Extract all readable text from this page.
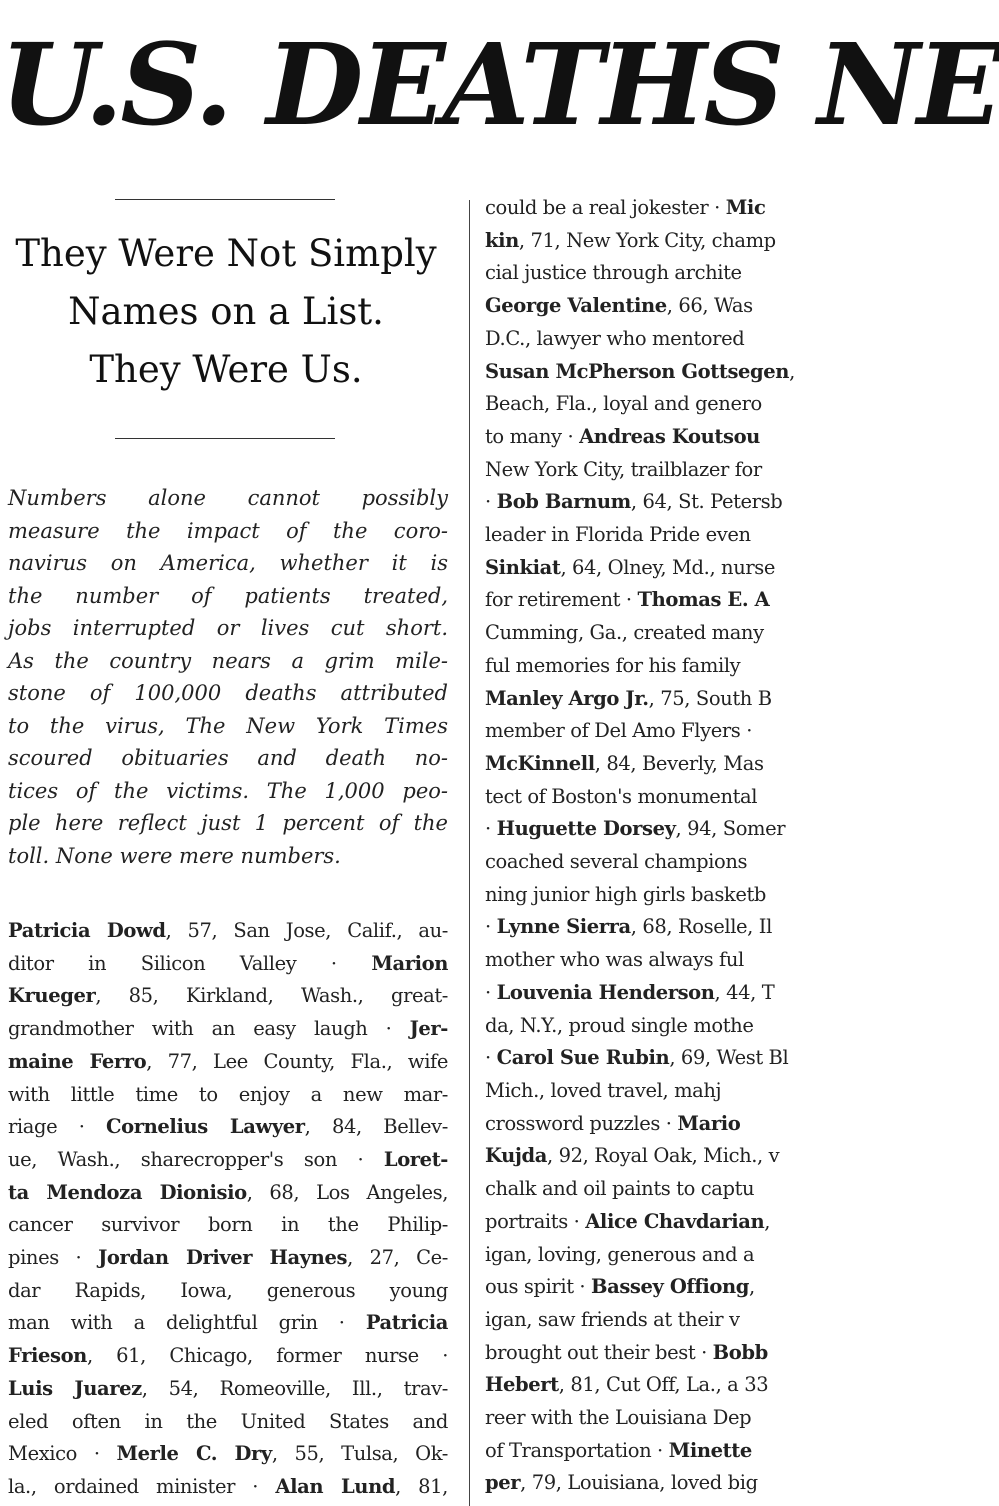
U.S. DEATHS NE
They Were Not Simply
Names on a List.
They Were Us.
Numbers alone cannot possibly
measure the impact of the coro-
navirus on America, whether it is
the number of patients treated,
jobs interrupted or lives cut short.
As the country nears a grim mile-
stone of 100,000 deaths attributed
to the virus, The New York Times
scoured obituaries and death no-
tices of the victims. The 1,000 peo-
ple here reflect just 1 percent of the
toll. None were mere numbers.
Patricia Dowd, 57, San Jose, Calif., au-
ditor in Silicon Valley · Marion
Krueger, 85, Kirkland, Wash., great-
grandmother with an easy laugh · Jer-
maine Ferro, 77, Lee County, Fla., wife
with little time to enjoy a new mar-
riage · Cornelius Lawyer, 84, Bellev-
ue, Wash., sharecropper's son · Loret-
ta Mendoza Dionisio, 68, Los Angeles,
cancer survivor born in the Philip-
pines · Jordan Driver Haynes, 27, Ce-
dar Rapids, Iowa, generous young
man with a delightful grin · Patricia
Frieson, 61, Chicago, former nurse ·
Luis Juarez, 54, Romeoville, Ill., trav-
eled often in the United States and
Mexico · Merle C. Dry, 55, Tulsa, Ok-
la., ordained minister · Alan Lund, 81,
could be a real jokester · Mic
kin, 71, New York City, champ
cial justice through archite
George Valentine, 66, Was
D.C., lawyer who mentored
Susan McPherson Gottsegen,
Beach, Fla., loyal and genero
to many · Andreas Koutsou
New York City, trailblazer for
· Bob Barnum, 64, St. Petersb
leader in Florida Pride even
Sinkiat, 64, Olney, Md., nurse
for retirement · Thomas E. A
Cumming, Ga., created many
ful memories for his family
Manley Argo Jr., 75, South B
member of Del Amo Flyers ·
McKinnell, 84, Beverly, Mas
tect of Boston's monumental
· Huguette Dorsey, 94, Somer
coached several champions
ning junior high girls basketb
· Lynne Sierra, 68, Roselle, Il
mother who was always ful
· Louvenia Henderson, 44, T
da, N.Y., proud single mothe
· Carol Sue Rubin, 69, West Bl
Mich., loved travel, mahj
crossword puzzles · Mario
Kujda, 92, Royal Oak, Mich., v
chalk and oil paints to captu
portraits · Alice Chavdarian,
igan, loving, generous and a
ous spirit · Bassey Offiong,
igan, saw friends at their v
brought out their best · Bobb
Hebert, 81, Cut Off, La., a 33
reer with the Louisiana Dep
of Transportation · Minette
per, 79, Louisiana, loved big
